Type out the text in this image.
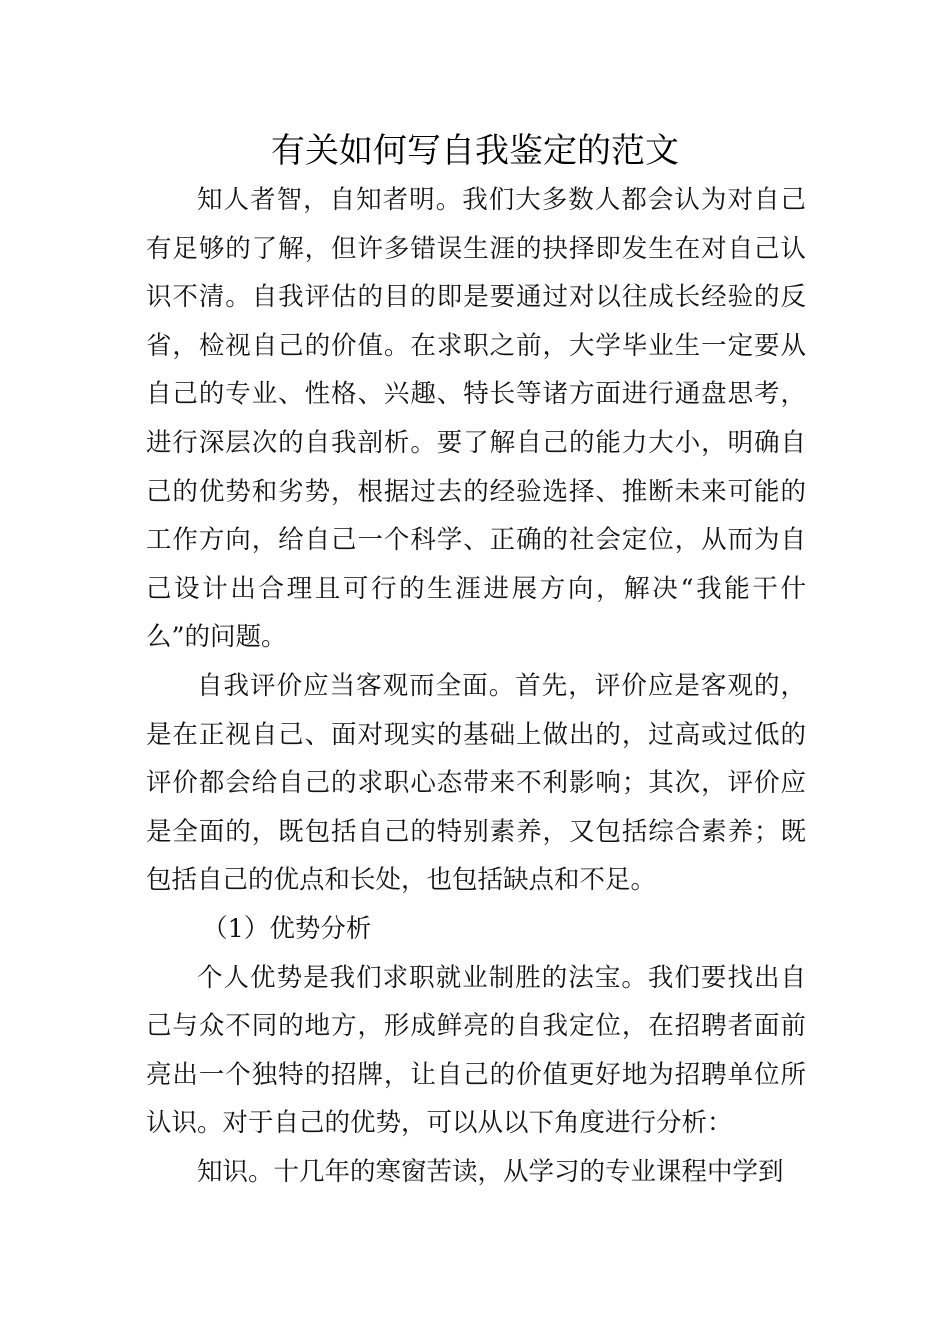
有关如何写自我鉴定的范文

知人者智，自知者明。我们大多数人都会认为对自己有足够的了解，但许多错误生涯的抉择即发生在对自己认识不清。自我评估的目的即是要通过对以往成长经验的反省，检视自己的价值。在求职之前，大学毕业生一定要从自己的专业、性格、兴趣、特长等诸方面进行通盘思考，进行深层次的自我剖析。要了解自己的能力大小，明确自己的优势和劣势，根据过去的经验选择、推断未来可能的工作方向，给自己一个科学、正确的社会定位，从而为自己设计出合理且可行的生涯进展方向，解决“我能干什么”的问题。

自我评价应当客观而全面。首先，评价应是客观的，是在正视自己、面对现实的基础上做出的，过高或过低的评价都会给自己的求职心态带来不利影响；其次，评价应是全面的，既包括自己的特别素养，又包括综合素养；既包括自己的优点和长处，也包括缺点和不足。

（1）优势分析

个人优势是我们求职就业制胜的法宝。我们要找出自己与众不同的地方，形成鲜亮的自我定位，在招聘者面前亮出一个独特的招牌，让自己的价值更好地为招聘单位所认识。对于自己的优势，可以从以下角度进行分析：

知识。十几年的寒窗苦读，从学习的专业课程中学到
